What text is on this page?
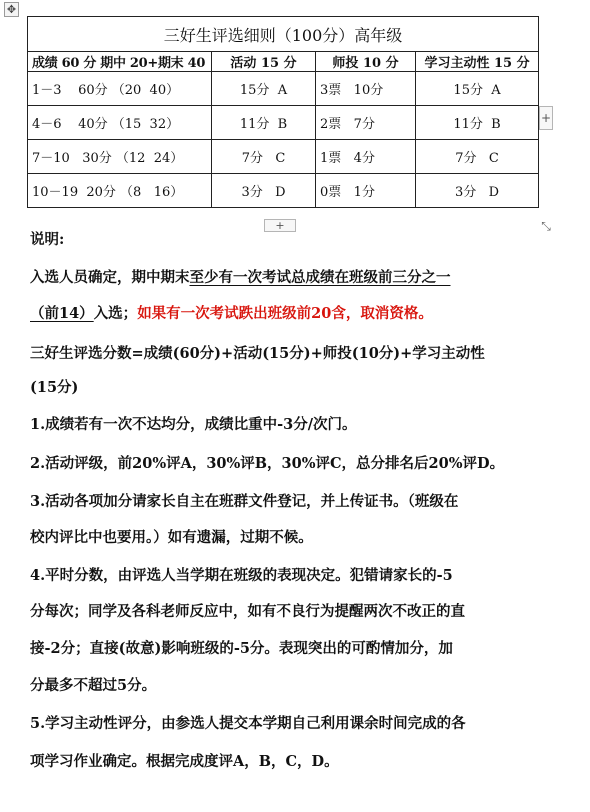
✥
三好生评选细则（100分）高年级			
成绩 60 分 期中 20+期末 40	活动 15 分	师投 10 分	学习主动性 15 分
1－3    60分 （20  40）	15分  A	3票   10分	15分  A
4－6    40分 （15  32）	11分  B	2票   7分	11分  B
7－10   30分 （12  24）	7分   C	1票   4分	7分   C
10－19  20分 （8   16）	3分   D	0票   1分	3分   D
+
+	⤡
说明:
入选人员确定，期中期末至少有一次考试总成绩在班级前三分之一
（前14）入选；如果有一次考试跌出班级前20含，取消资格。
三好生评选分数=成绩(60分)+活动(15分)+师投(10分)+学习主动性
(15分)
1.成绩若有一次不达均分，成绩比重中-3分/次门。
2.活动评级，前20%评A，30%评B，30%评C，总分排名后20%评D。
3.活动各项加分请家长自主在班群文件登记，并上传证书。（班级在
校内评比中也要用。）如有遗漏，过期不候。
4.平时分数，由评选人当学期在班级的表现决定。犯错请家长的-5
分每次；同学及各科老师反应中，如有不良行为提醒两次不改正的直
接-2分；直接(故意)影响班级的-5分。表现突出的可酌情加分，加
分最多不超过5分。
5.学习主动性评分，由参选人提交本学期自己利用课余时间完成的各
项学习作业确定。根据完成度评A，B，C，D。
